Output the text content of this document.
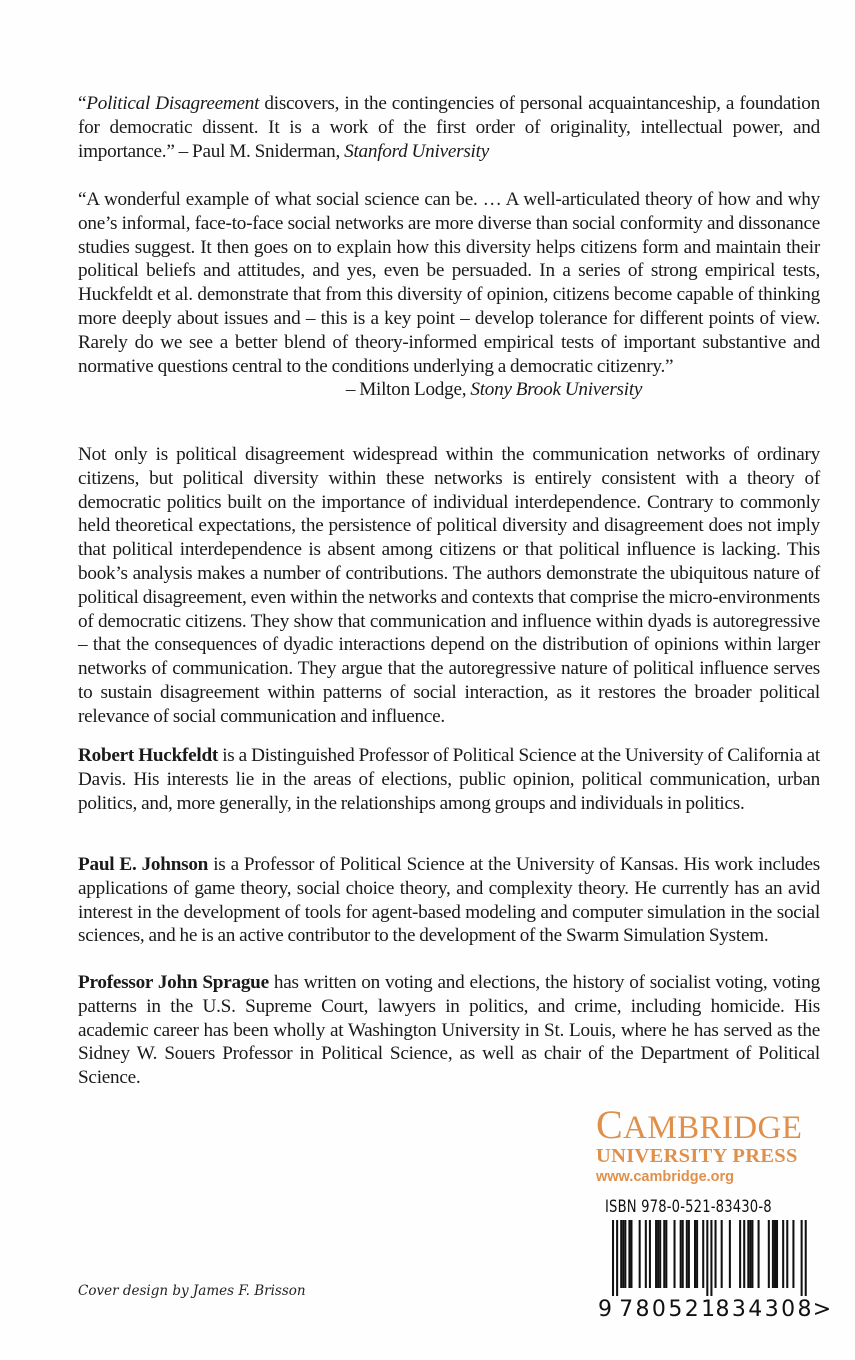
“Political Disagreement discovers, in the contingencies of personal acquaintanceship, a foundation for democratic dissent. It is a work of the first order of originality, intellectual power, and importance.” – Paul M. Sniderman, Stanford University

“A wonderful example of what social science can be. … A well-articulated theory of how and why one’s informal, face-to-face social networks are more diverse than social conformity and dissonance studies suggest. It then goes on to explain how this diversity helps citizens form and maintain their political beliefs and attitudes, and yes, even be persuaded. In a series of strong empirical tests, Huckfeldt et al. demonstrate that from this diversity of opinion, citizens become capable of thinking more deeply about issues and – this is a key point – develop tolerance for different points of view. Rarely do we see a better blend of theory-informed empirical tests of important substantive and normative questions central to the conditions underlying a democratic citizenry.”

– Milton Lodge, Stony Brook University

Not only is political disagreement widespread within the communication networks of ordinary citizens, but political diversity within these networks is entirely consistent with a theory of democratic politics built on the importance of individual interdependence. Contrary to commonly held theoretical expectations, the persistence of political diversity and disagreement does not imply that political interdependence is absent among citizens or that political influence is lacking. This book’s analysis makes a number of contributions. The authors demonstrate the ubiquitous nature of political disagreement, even within the networks and contexts that comprise the micro-environments of democratic citizens. They show that communication and influence within dyads is autoregressive – that the consequences of dyadic interactions depend on the distribution of opinions within larger networks of communication. They argue that the autoregressive nature of political influence serves to sustain disagreement within patterns of social interaction, as it restores the broader political relevance of social communication and influence.

Robert Huckfeldt is a Distinguished Professor of Political Science at the University of California at Davis. His interests lie in the areas of elections, public opinion, political communication, urban politics, and, more generally, in the relationships among groups and individuals in politics.

Paul E. Johnson is a Professor of Political Science at the University of Kansas. His work includes applications of game theory, social choice theory, and complexity theory. He currently has an avid interest in the development of tools for agent-based modeling and computer simulation in the social sciences, and he is an active contributor to the development of the Swarm Simulation System.

Professor John Sprague has written on voting and elections, the history of socialist voting, voting patterns in the U.S. Supreme Court, lawyers in politics, and crime, including homicide. His academic career has been wholly at Washington University in St. Louis, where he has served as the Sidney W. Souers Professor in Political Science, as well as chair of the Department of Political Science.

CAMBRIDGE
UNIVERSITY PRESS
www.cambridge.org
ISBN 978-0-521-83430-8
9 780521
834308
>
Cover design by James F. Brisson
